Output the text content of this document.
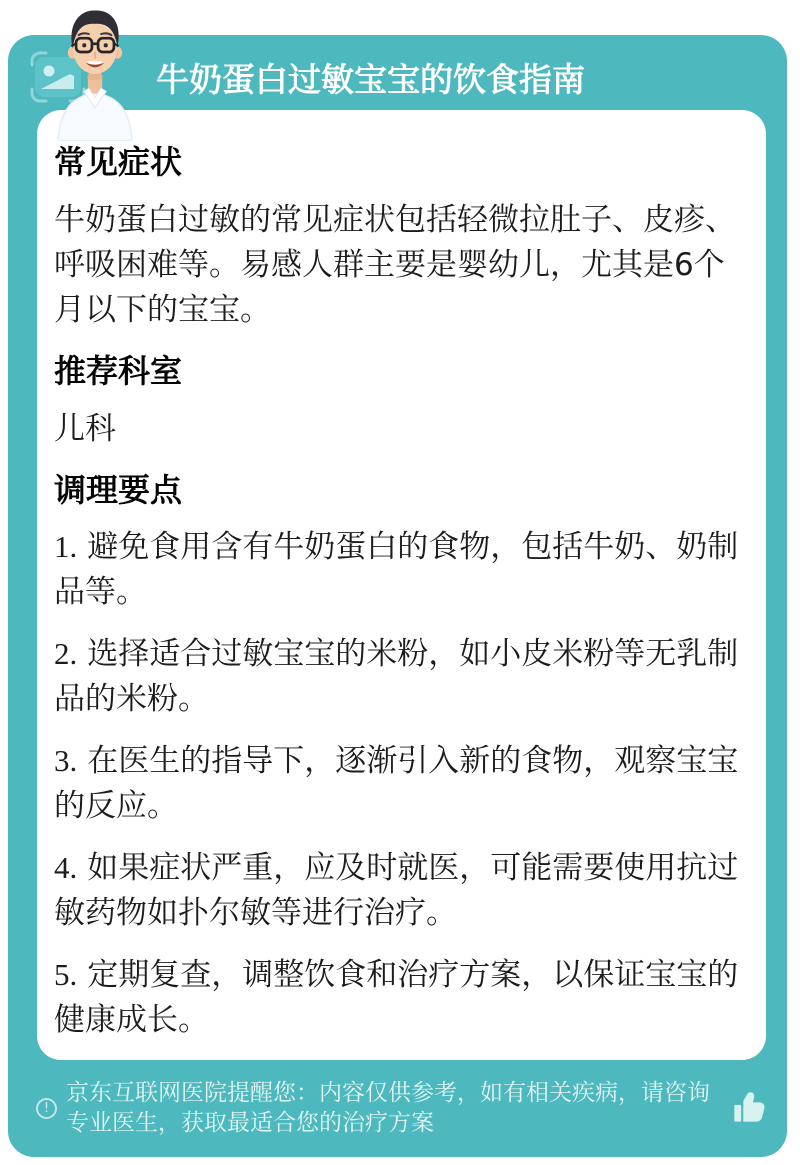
牛奶蛋白过敏宝宝的饮食指南
常见症状

牛奶蛋白过敏的常见症状包括轻微拉肚子、皮疹、呼吸困难等。易感人群主要是婴幼儿，尤其是6个月以下的宝宝。

推荐科室

儿科

调理要点

1. 避免食用含有牛奶蛋白的食物，包括牛奶、奶制品等。

2. 选择适合过敏宝宝的米粉，如小皮米粉等无乳制品的米粉。

3. 在医生的指导下，逐渐引入新的食物，观察宝宝的反应。

4. 如果症状严重，应及时就医，可能需要使用抗过敏药物如扑尔敏等进行治疗。

5. 定期复查，调整饮食和治疗方案，以保证宝宝的健康成长。

!

京东互联网医院提醒您：内容仅供参考，如有相关疾病，请咨询专业医生，获取最适合您的治疗方案
